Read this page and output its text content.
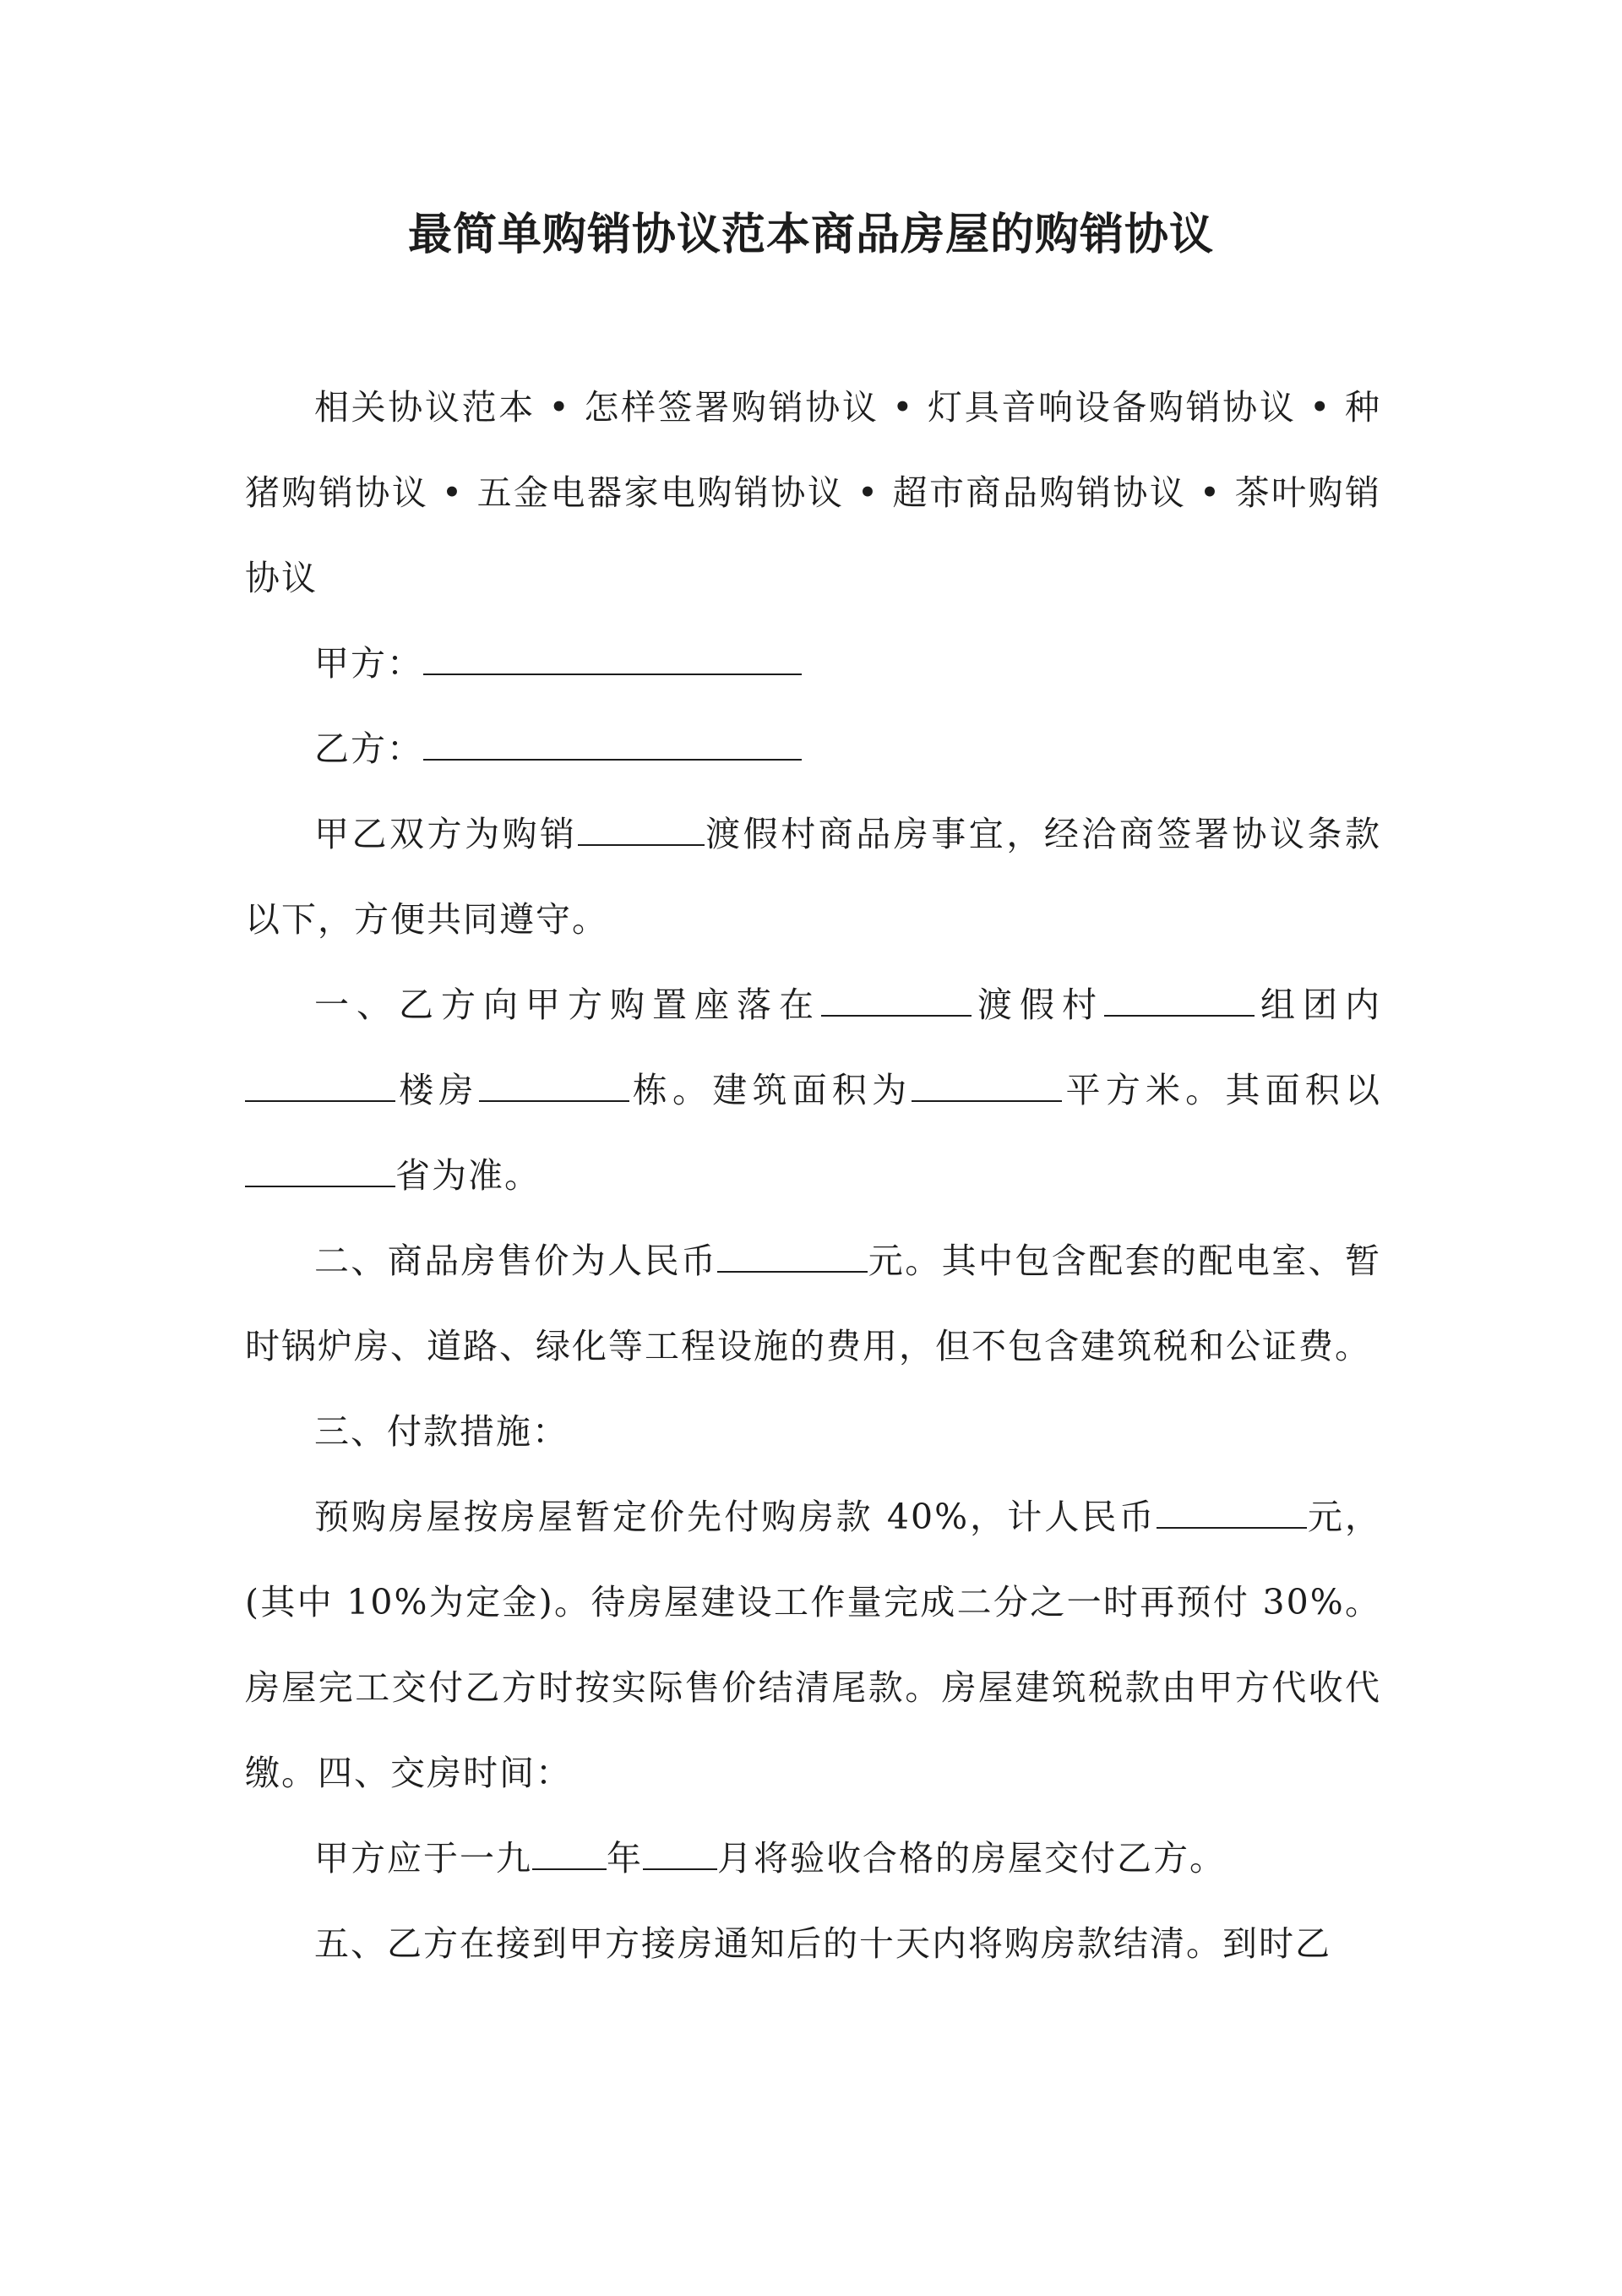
最简单购销协议范本商品房屋的购销协议

相关协议范本 • 怎样签署购销协议 • 灯具音响设备购销协议 • 种猪购销协议 • 五金电器家电购销协议 • 超市商品购销协议 • 茶叶购销协议

甲方：

乙方：

甲乙双方为购销	渡假村商品房事宜，经洽商签署协议条款以下，方便共同遵守。

一、乙方向甲方购置座落在	渡假村	组团内楼房	栋。建筑面积为	平方米。其面积以省为准。

二、商品房售价为人民币	元。其中包含配套的配电室、暂时锅炉房、道路、绿化等工程设施的费用，但不包含建筑税和公证费。

三、付款措施：

预购房屋按房屋暂定价先付购房款 40%，计人民币	元，(其中 10%为定金)。待房屋建设工作量完成二分之一时再预付 30%。房屋完工交付乙方时按实际售价结清尾款。房屋建筑税款由甲方代收代缴。四、交房时间：

甲方应于一九 年 月将验收合格的房屋交付乙方。

五、乙方在接到甲方接房通知后的十天内将购房款结清。到时乙
